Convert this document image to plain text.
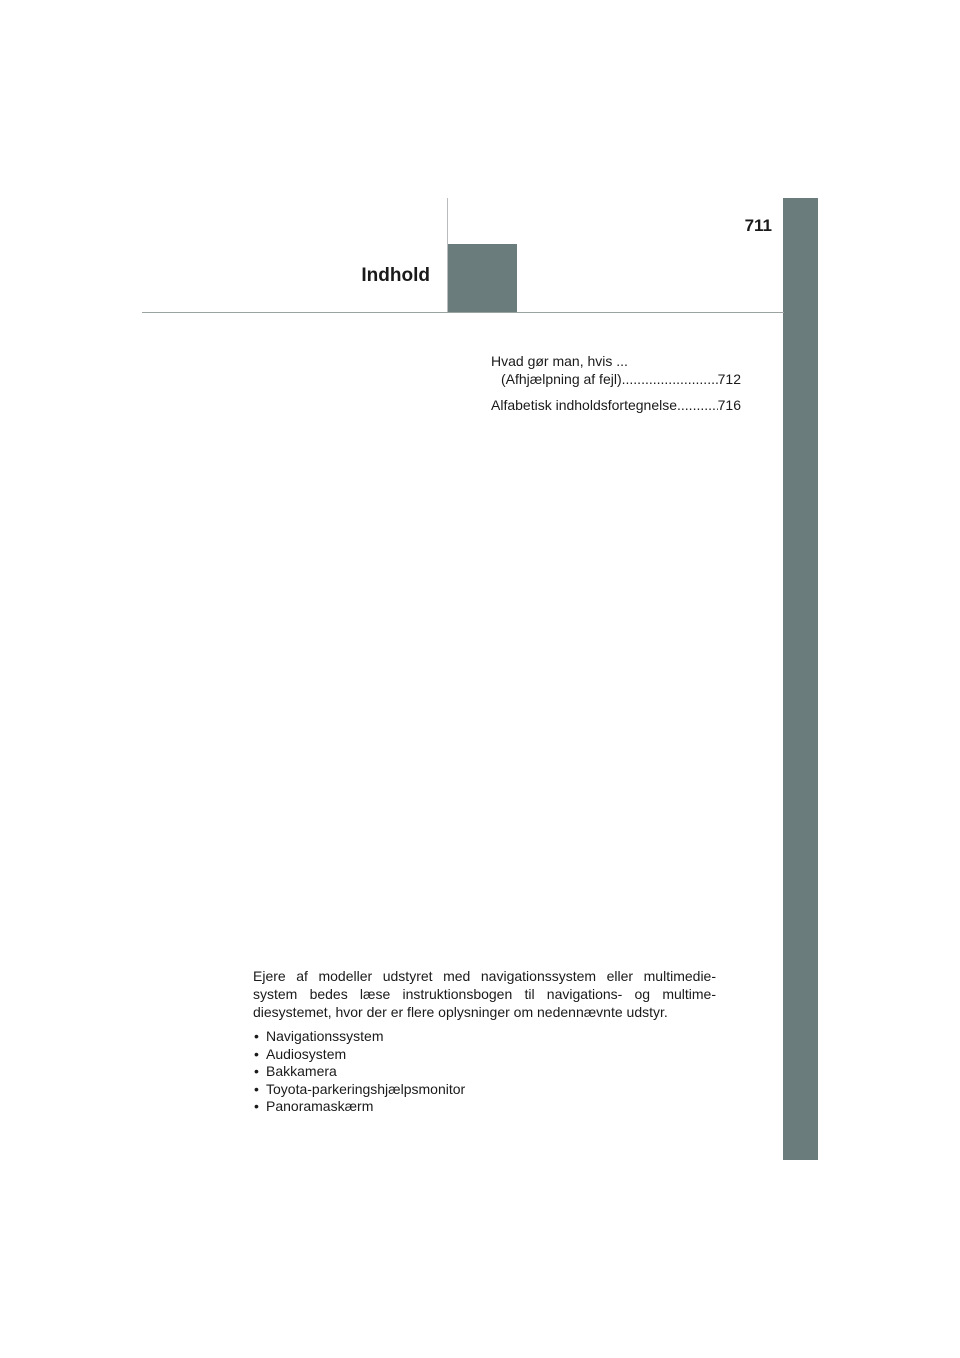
711
Indhold
Hvad gør man, hvis ...
(Afhjælpning af fejl) .....	712
Alfabetisk indholdsfortegnelse .....	716

Ejere af modeller udstyret med navigationssystem eller multimedie-
system bedes læse instruktionsbogen til navigations- og multime-
diesystemet, hvor der er flere oplysninger om nedennævnte udstyr.

• Navigationssystem
• Audiosystem
• Bakkamera
• Toyota-parkeringshjælpsmonitor
• Panoramaskærm
